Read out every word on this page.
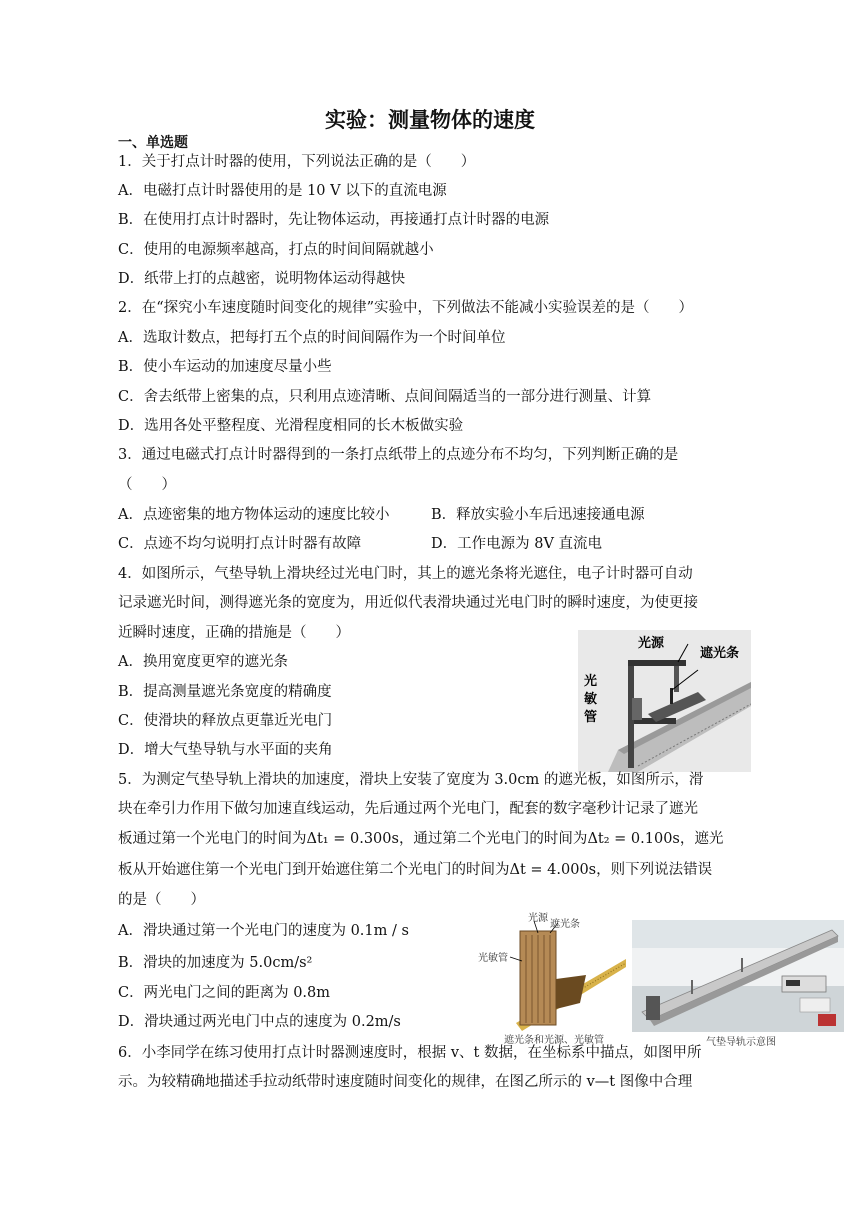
实验：测量物体的速度
一、单选题
1．关于打点计时器的使用，下列说法正确的是（　　）
A．电磁打点计时器使用的是 10 V 以下的直流电源
B．在使用打点计时器时，先让物体运动，再接通打点计时器的电源
C．使用的电源频率越高，打点的时间间隔就越小
D．纸带上打的点越密，说明物体运动得越快
2．在“探究小车速度随时间变化的规律”实验中，下列做法不能减小实验误差的是（　　）
A．选取计数点，把每打五个点的时间间隔作为一个时间单位
B．使小车运动的加速度尽量小些
C．舍去纸带上密集的点，只利用点迹清晰、点间间隔适当的一部分进行测量、计算
D．选用各处平整程度、光滑程度相同的长木板做实验
3．通过电磁式打点计时器得到的一条打点纸带上的点迹分布不均匀，下列判断正确的是
（　　）
A．点迹密集的地方物体运动的速度比较小	B．释放实验小车后迅速接通电源
C．点迹不均匀说明打点计时器有故障	D．工作电源为 8V 直流电
4．如图所示，气垫导轨上滑块经过光电门时，其上的遮光条将光遮住，电子计时器可自动
记录遮光时间，测得遮光条的宽度为，用近似代表滑块通过光电门时的瞬时速度，为使更接
近瞬时速度，正确的措施是（　　）
A．换用宽度更窄的遮光条
B．提高测量遮光条宽度的精确度
C．使滑块的释放点更靠近光电门
D．增大气垫导轨与水平面的夹角
光源
遮光条
光
敏
管
5．为测定气垫导轨上滑块的加速度，滑块上安装了宽度为 3.0cm 的遮光板，如图所示，滑
块在牵引力作用下做匀加速直线运动，先后通过两个光电门，配套的数字毫秒计记录了遮光
板通过第一个光电门的时间为Δt₁ = 0.300s，通过第二个光电门的时间为Δt₂ = 0.100s，遮光
板从开始遮住第一个光电门到开始遮住第二个光电门的时间为Δt = 4.000s，则下列说法错误
的是（　　）
A．滑块通过第一个光电门的速度为 0.1m / s
B．滑块的加速度为 5.0cm/s²
C．两光电门之间的距离为 0.8m
D．滑块通过两光电门中点的速度为 0.2m/s
光源
遮光条
光敏管
遮光条和光源、光敏管	气垫导轨示意图
6．小李同学在练习使用打点计时器测速度时，根据 v、t 数据，在坐标系中描点，如图甲所
示。为较精确地描述手拉动纸带时速度随时间变化的规律，在图乙所示的 v—t 图像中合理
